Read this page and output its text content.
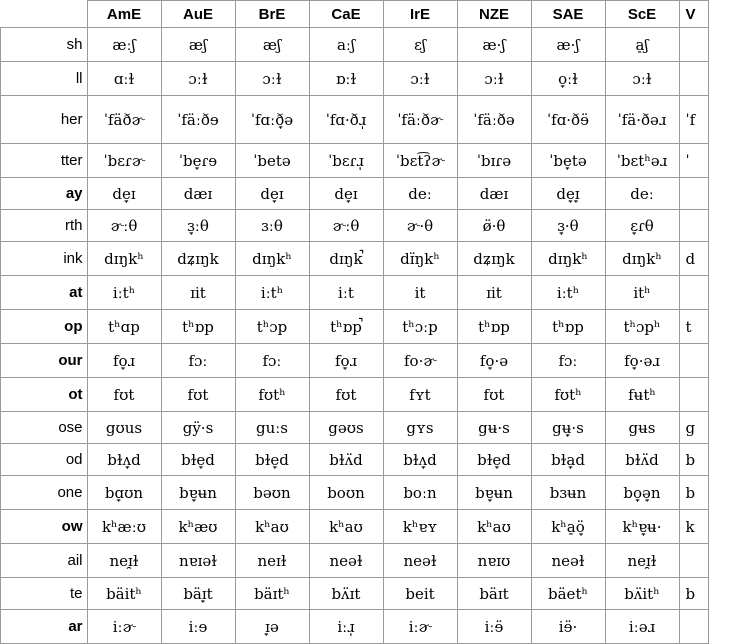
	AmE	AuE	BrE	CaE	IrE	NZE	SAE	ScE	V
sh	æːʃ	æʃ	æʃ	aːʃ	ɛʃ	æ·ʃ	æ·ʃ	a̠ʃ	
ll	ɑːɫ	ɔːɫ	ɔːɫ	ɒːɫ	ɔːɫ	ɔːɫ	o̞ːɫ	ɔːɫ	
her	ˈfäðɚ	ˈfäːðɘ	ˈfɑːð̞ə	ˈfɑ·ðɹ̩	ˈfäːðɚ	ˈfäːðə	ˈfɑ·ðɘ̈	ˈfä·ðəɹ	ˈf
tter	ˈbɛɾɚ	ˈbe̞ɾɘ	ˈbetə	ˈbɛɾɹ̩	ˈbɛt͡ʔɚ	ˈbɪɾə	ˈbe̞tə	ˈbɛtʰəɹ	ˈ
ay	de̞ɪ	dæɪ	de̞ɪ	de̞ɪ	deː	dæɪ	de̞ɪ̞	deː	
rth	ɚːθ	ɜ̞ːθ	ɜːθ	ɚːθ	ɚ·θ	ø̈·θ	ɜ̞·θ	ɛ̞ɾθ	
ink	dɪŋkʰ	dʑɪŋk	dɪŋkʰ	dɪŋk̚	dɪ̈ŋkʰ	dʑɪŋk	dɪŋkʰ	dɪŋkʰ	d
at	iːtʰ	ɪit	iːtʰ	iːt	it	ɪit	iːtʰ	itʰ	
op	tʰɑp	tʰɒp	tʰɔp	tʰɒp̚	tʰɔːp	tʰɒp	tʰɒp	tʰɔpʰ	t
our	fo̞ɹ	fɔː	fɔː	fo̞ɹ	fo·ɚ	fo̞·ə	fɔː	fo̞·əɹ	
ot	fʊt	fʊt	fʊtʰ	fʊt	fʏt	fʊt	fʊtʰ	fʉtʰ	
ose	gʊus	gÿ·s	guːs	gəʊs	gʏs	gʉ·s	gʉ̞·s	gʉs	g
od	bɫʌ̞d	bɫe̞d	bɫe̞d	bɫʌ̈d	bɫʌ̞d	bɫe̞d	bɫa̞d	bɫʌ̈d	b
one	bɑ̞ʊn	bɐ̞ʉn	bəʊn	boʊn	boːn	bɐ̞ʉn	bɜʉn	bo̞ə̞n	b
ow	kʰæːʊ	kʰæʊ	kʰaʊ	kʰaʊ	kʰɐʏ	kʰaʊ	kʰa̠ö̞	kʰɐ̞ʉ·	k
ail	neɪ̯ɫ	nɐɪəɫ	neɪɫ	neəɫ	neəɫ	nɐɪʊ	neəɫ	neɪ̯ɫ	
te	bäitʰ	bäɪ̞t	bäɪtʰ	bʌ̈ɪt	beit	bäɪt	bäetʰ	bʌ̈itʰ	b
ar	iːɚ	iːɘ	ɪ̞ə	iːɹ̩	iːɚ	iːɘ̈	iɘ̈·	iːəɹ	
